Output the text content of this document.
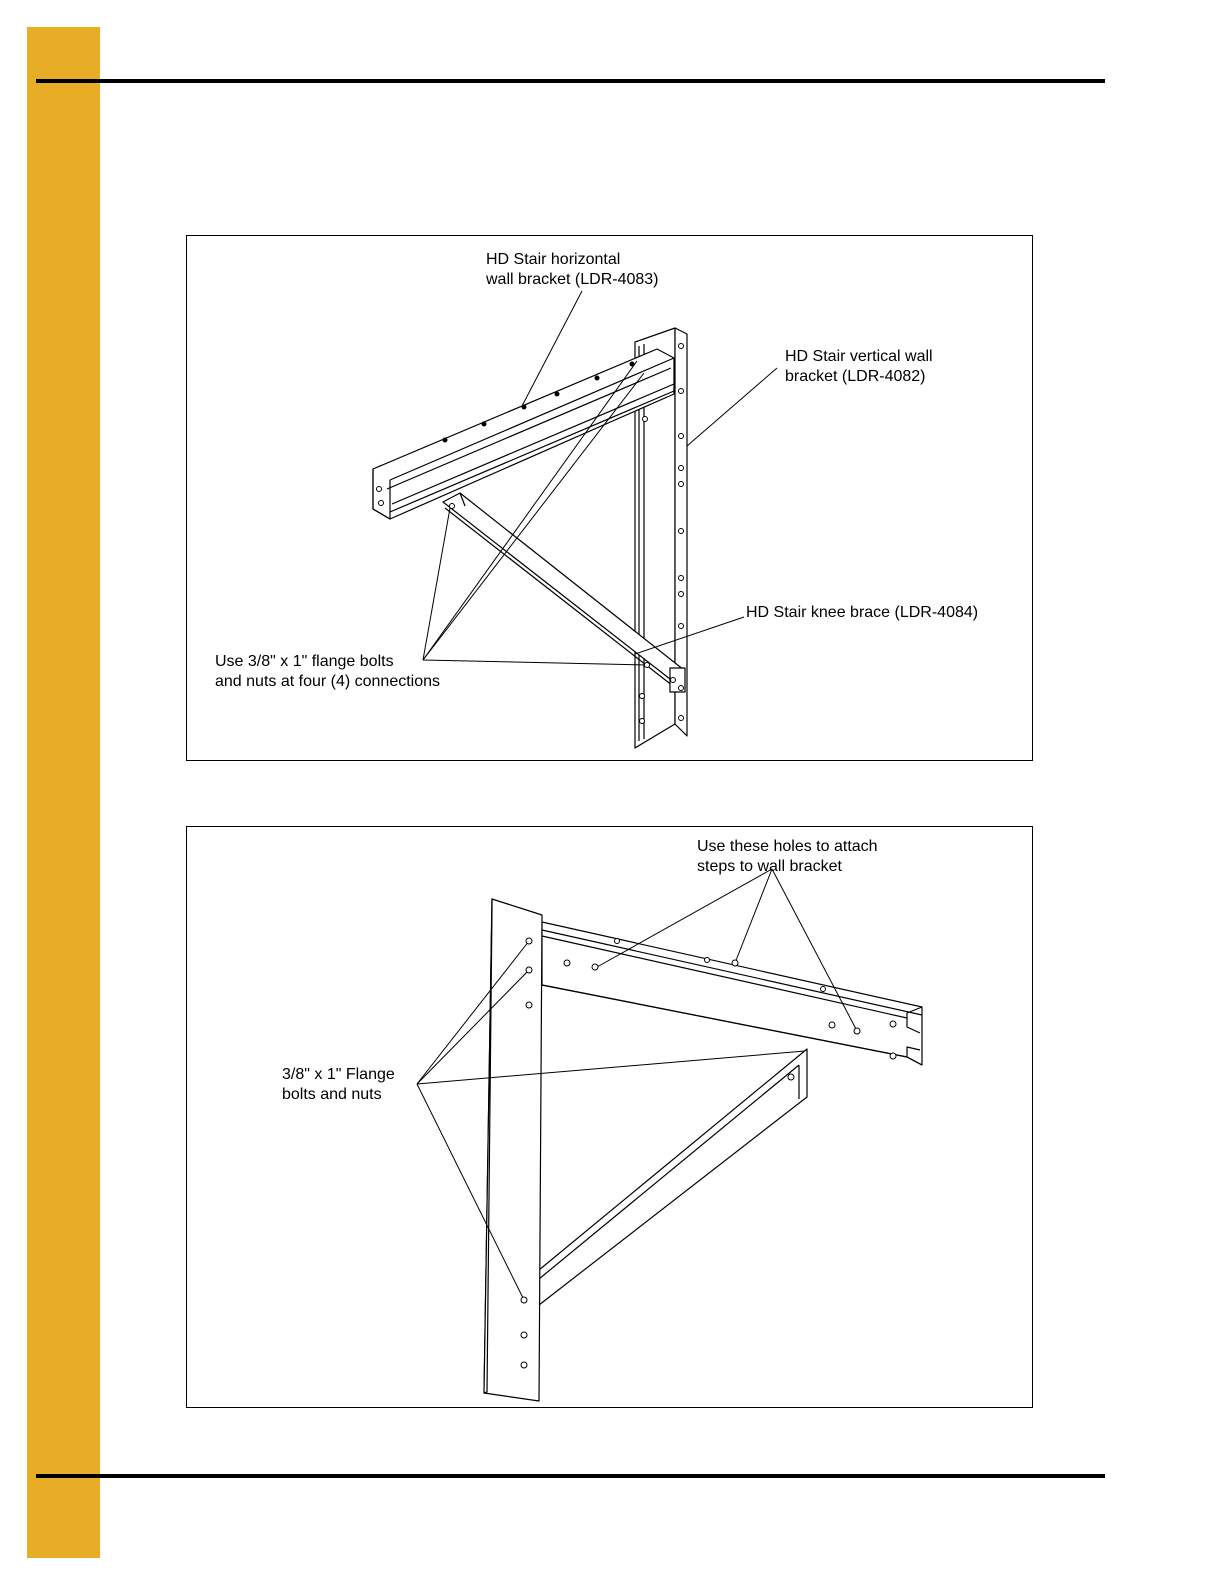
HD Stair horizontal
wall bracket (LDR-4083)
HD Stair vertical wall
bracket (LDR-4082)
HD Stair knee brace (LDR-4084)
Use 3/8" x 1" flange bolts
and nuts at four (4) connections
Use these holes to attach
steps to wall bracket
3/8" x 1" Flange
bolts and nuts
